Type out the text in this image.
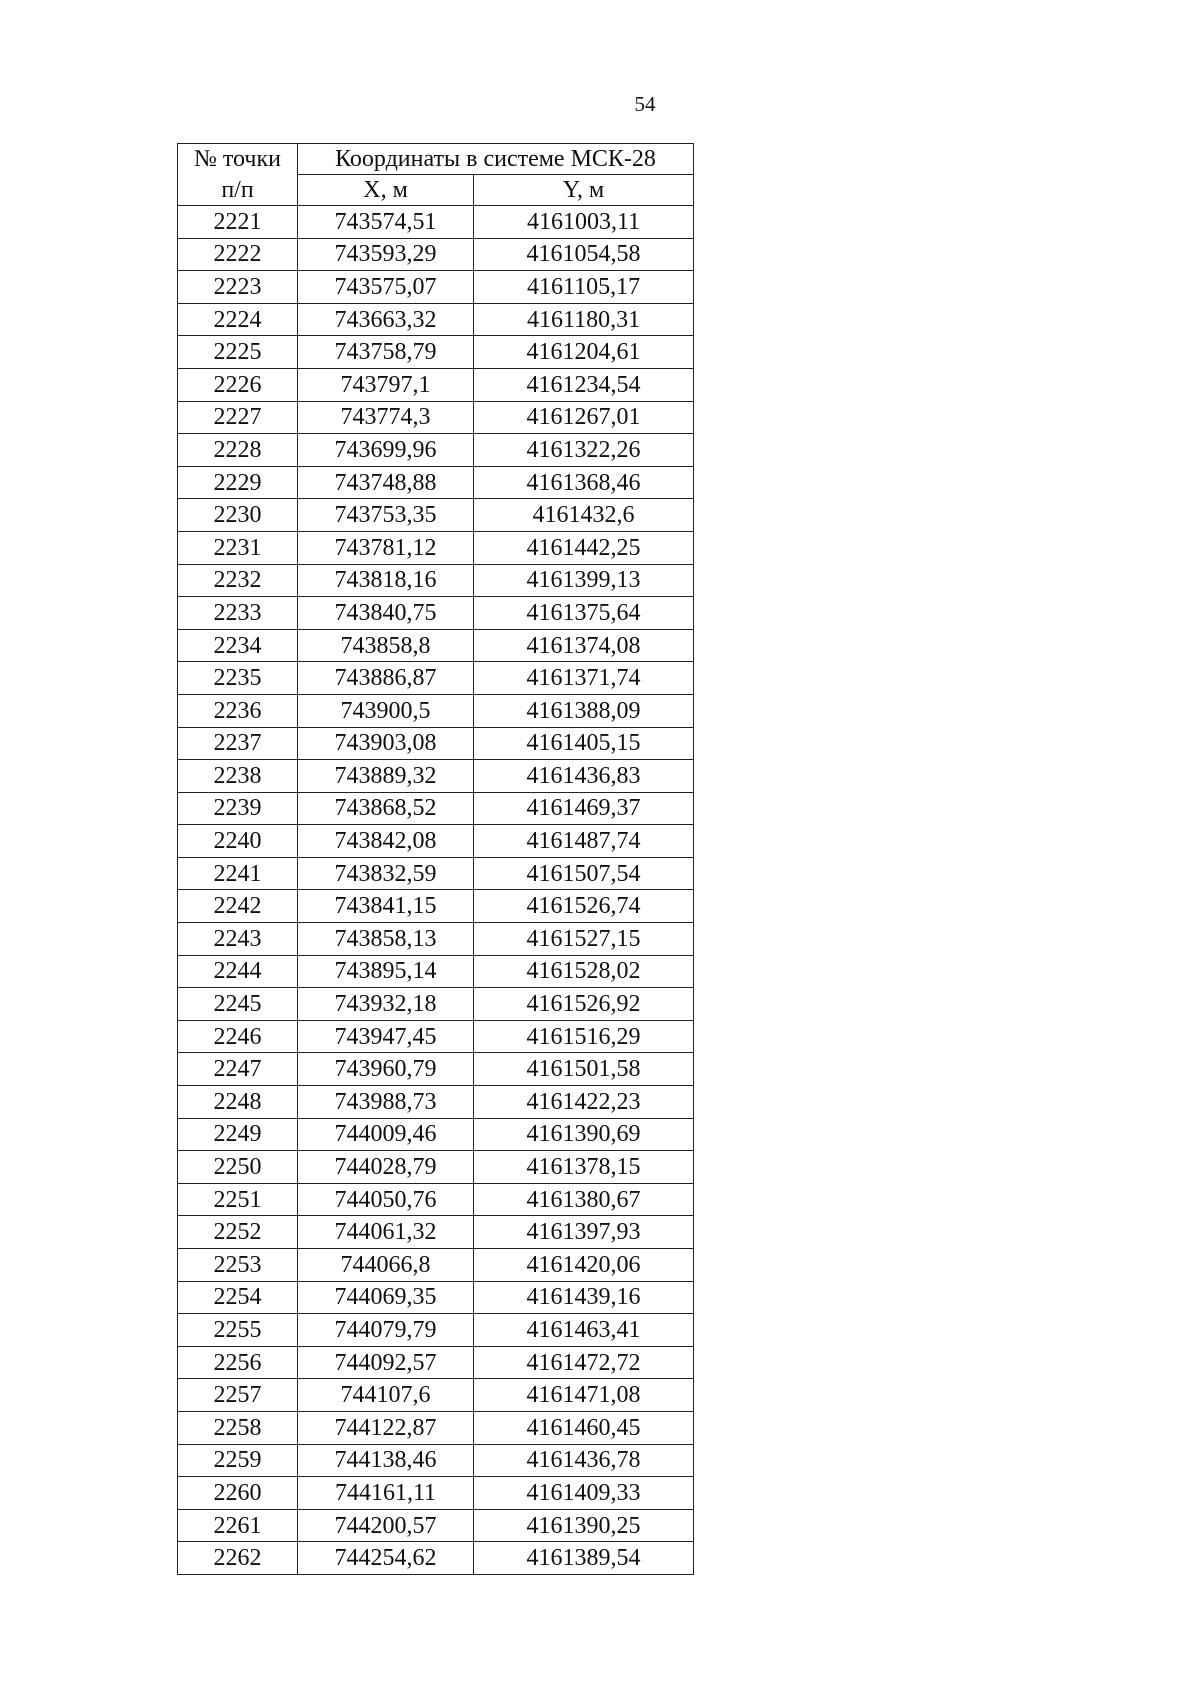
54
№ точки	Координаты в системе МСК-28	
п/п	X, м	Y, м
2221	743574,51	4161003,11
2222	743593,29	4161054,58
2223	743575,07	4161105,17
2224	743663,32	4161180,31
2225	743758,79	4161204,61
2226	743797,1	4161234,54
2227	743774,3	4161267,01
2228	743699,96	4161322,26
2229	743748,88	4161368,46
2230	743753,35	4161432,6
2231	743781,12	4161442,25
2232	743818,16	4161399,13
2233	743840,75	4161375,64
2234	743858,8	4161374,08
2235	743886,87	4161371,74
2236	743900,5	4161388,09
2237	743903,08	4161405,15
2238	743889,32	4161436,83
2239	743868,52	4161469,37
2240	743842,08	4161487,74
2241	743832,59	4161507,54
2242	743841,15	4161526,74
2243	743858,13	4161527,15
2244	743895,14	4161528,02
2245	743932,18	4161526,92
2246	743947,45	4161516,29
2247	743960,79	4161501,58
2248	743988,73	4161422,23
2249	744009,46	4161390,69
2250	744028,79	4161378,15
2251	744050,76	4161380,67
2252	744061,32	4161397,93
2253	744066,8	4161420,06
2254	744069,35	4161439,16
2255	744079,79	4161463,41
2256	744092,57	4161472,72
2257	744107,6	4161471,08
2258	744122,87	4161460,45
2259	744138,46	4161436,78
2260	744161,11	4161409,33
2261	744200,57	4161390,25
2262	744254,62	4161389,54
